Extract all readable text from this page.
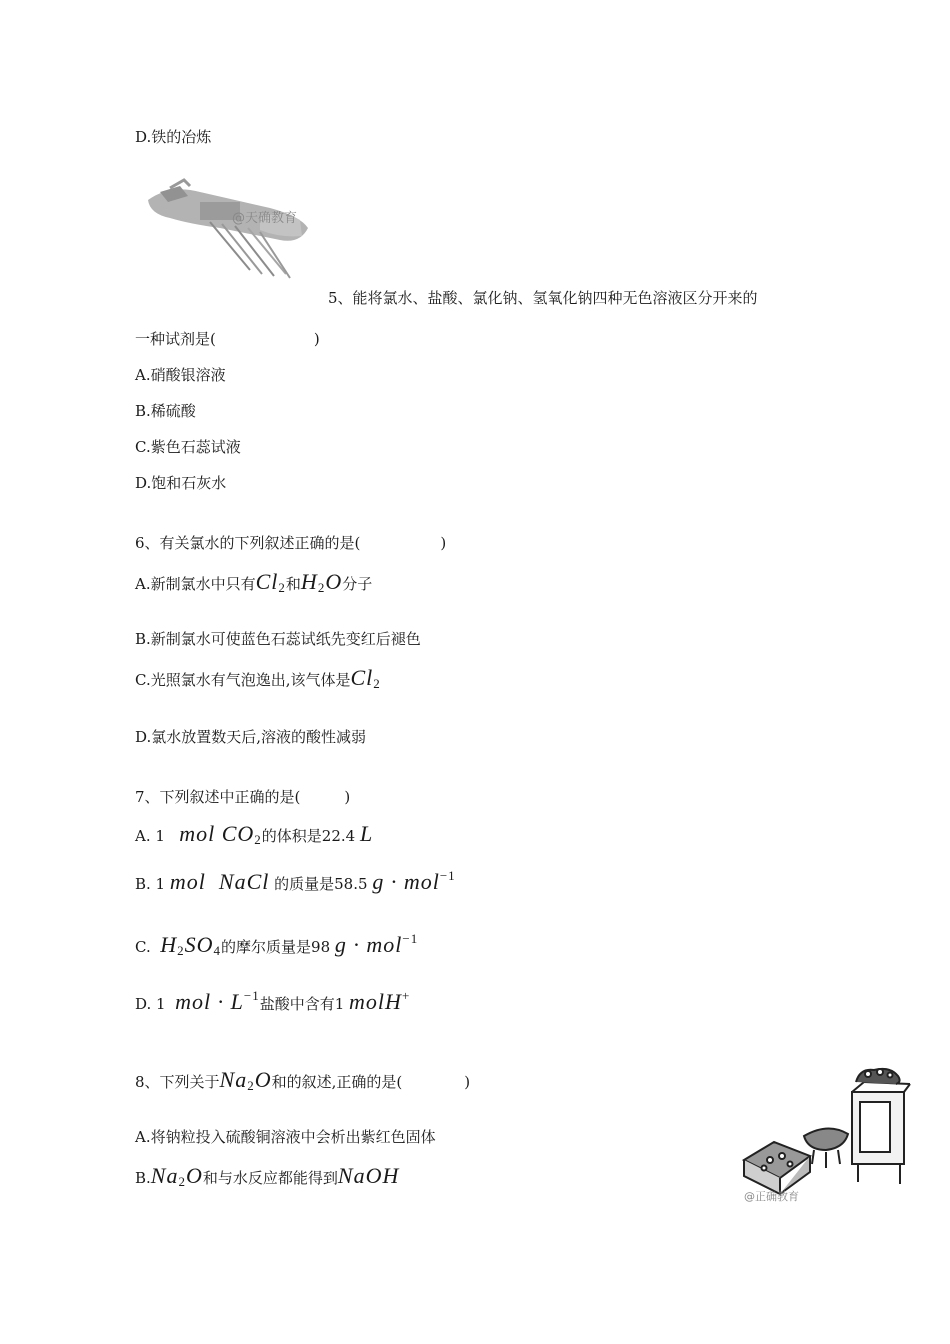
D.铁的冶炼
@天确教育
5、能将氯水、盐酸、氯化钠、氢氧化钠四种无色溶液区分开来的
一种试剂是(	)
A.硝酸银溶液
B.稀硫酸
C.紫色石蕊试液
D.饱和石灰水
6、有关氯水的下列叙述正确的是(	)
A.新制氯水中只有$Cl_2$和$H_2O$分子
B.新制氯水可使蓝色石蕊试纸先变红后褪色
C.光照氯水有气泡逸出,该气体是$Cl_2$
D.氯水放置数天后,溶液的酸性减弱
7、下列叙述中正确的是(	)
A. 1 mol $CO_2$的体积是22.4 L
B. 1 mol  NaCl 的质量是58.5 g · mol$^{-1}$
C. $H_2SO_4$的摩尔质量是98 g · mol$^{-1}$
D. 1 mol · $L^{-1}$盐酸中含有1 molH+
8、下列关于$Na_2O$和的叙述,正确的是(	)
A.将钠粒投入硫酸铜溶液中会析出紫红色固体
$B.Na_2O$和与水反应都能得到NaOH
@正确教育
